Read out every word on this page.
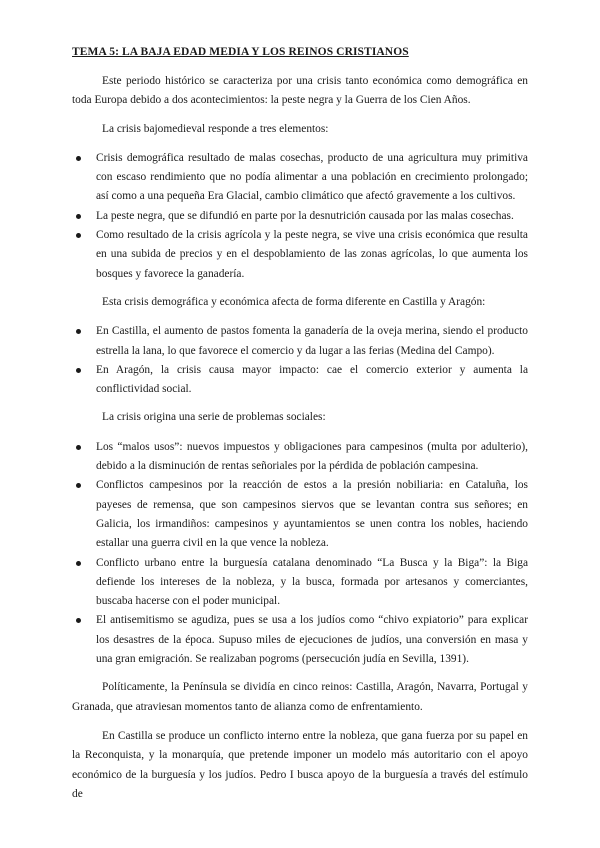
TEMA 5: LA BAJA EDAD MEDIA Y LOS REINOS CRISTIANOS

Este periodo histórico se caracteriza por una crisis tanto económica como demográfica en toda Europa debido a dos acontecimientos: la peste negra y la Guerra de los Cien Años.

La crisis bajomedieval responde a tres elementos:

Crisis demográfica resultado de malas cosechas, producto de una agricultura muy primitiva con escaso rendimiento que no podía alimentar a una población en crecimiento prolongado; así como a una pequeña Era Glacial, cambio climático que afectó gravemente a los cultivos.
La peste negra, que se difundió en parte por la desnutrición causada por las malas cosechas.
Como resultado de la crisis agrícola y la peste negra, se vive una crisis económica que resulta en una subida de precios y en el despoblamiento de las zonas agrícolas, lo que aumenta los bosques y favorece la ganadería.

Esta crisis demográfica y económica afecta de forma diferente en Castilla y Aragón:

En Castilla, el aumento de pastos fomenta la ganadería de la oveja merina, siendo el producto estrella la lana, lo que favorece el comercio y da lugar a las ferias (Medina del Campo).
En Aragón, la crisis causa mayor impacto: cae el comercio exterior y aumenta la conflictividad social.

La crisis origina una serie de problemas sociales:

Los “malos usos”: nuevos impuestos y obligaciones para campesinos (multa por adulterio), debido a la disminución de rentas señoriales por la pérdida de población campesina.
Conflictos campesinos por la reacción de estos a la presión nobiliaria: en Cataluña, los payeses de remensa, que son campesinos siervos que se levantan contra sus señores; en Galicia, los irmandiños: campesinos y ayuntamientos se unen contra los nobles, haciendo estallar una guerra civil en la que vence la nobleza.
Conflicto urbano entre la burguesía catalana denominado “La Busca y la Biga”: la Biga defiende los intereses de la nobleza, y la busca, formada por artesanos y comerciantes, buscaba hacerse con el poder municipal.
El antisemitismo se agudiza, pues se usa a los judíos como “chivo expiatorio” para explicar los desastres de la época. Supuso miles de ejecuciones de judíos, una conversión en masa y una gran emigración. Se realizaban pogroms (persecución judía en Sevilla, 1391).

Políticamente, la Península se dividía en cinco reinos: Castilla, Aragón, Navarra, Portugal y Granada, que atraviesan momentos tanto de alianza como de enfrentamiento.

En Castilla se produce un conflicto interno entre la nobleza, que gana fuerza por su papel en la Reconquista, y la monarquía, que pretende imponer un modelo más autoritario con el apoyo económico de la burguesía y los judíos. Pedro I busca apoyo de la burguesía a través del estímulo de
